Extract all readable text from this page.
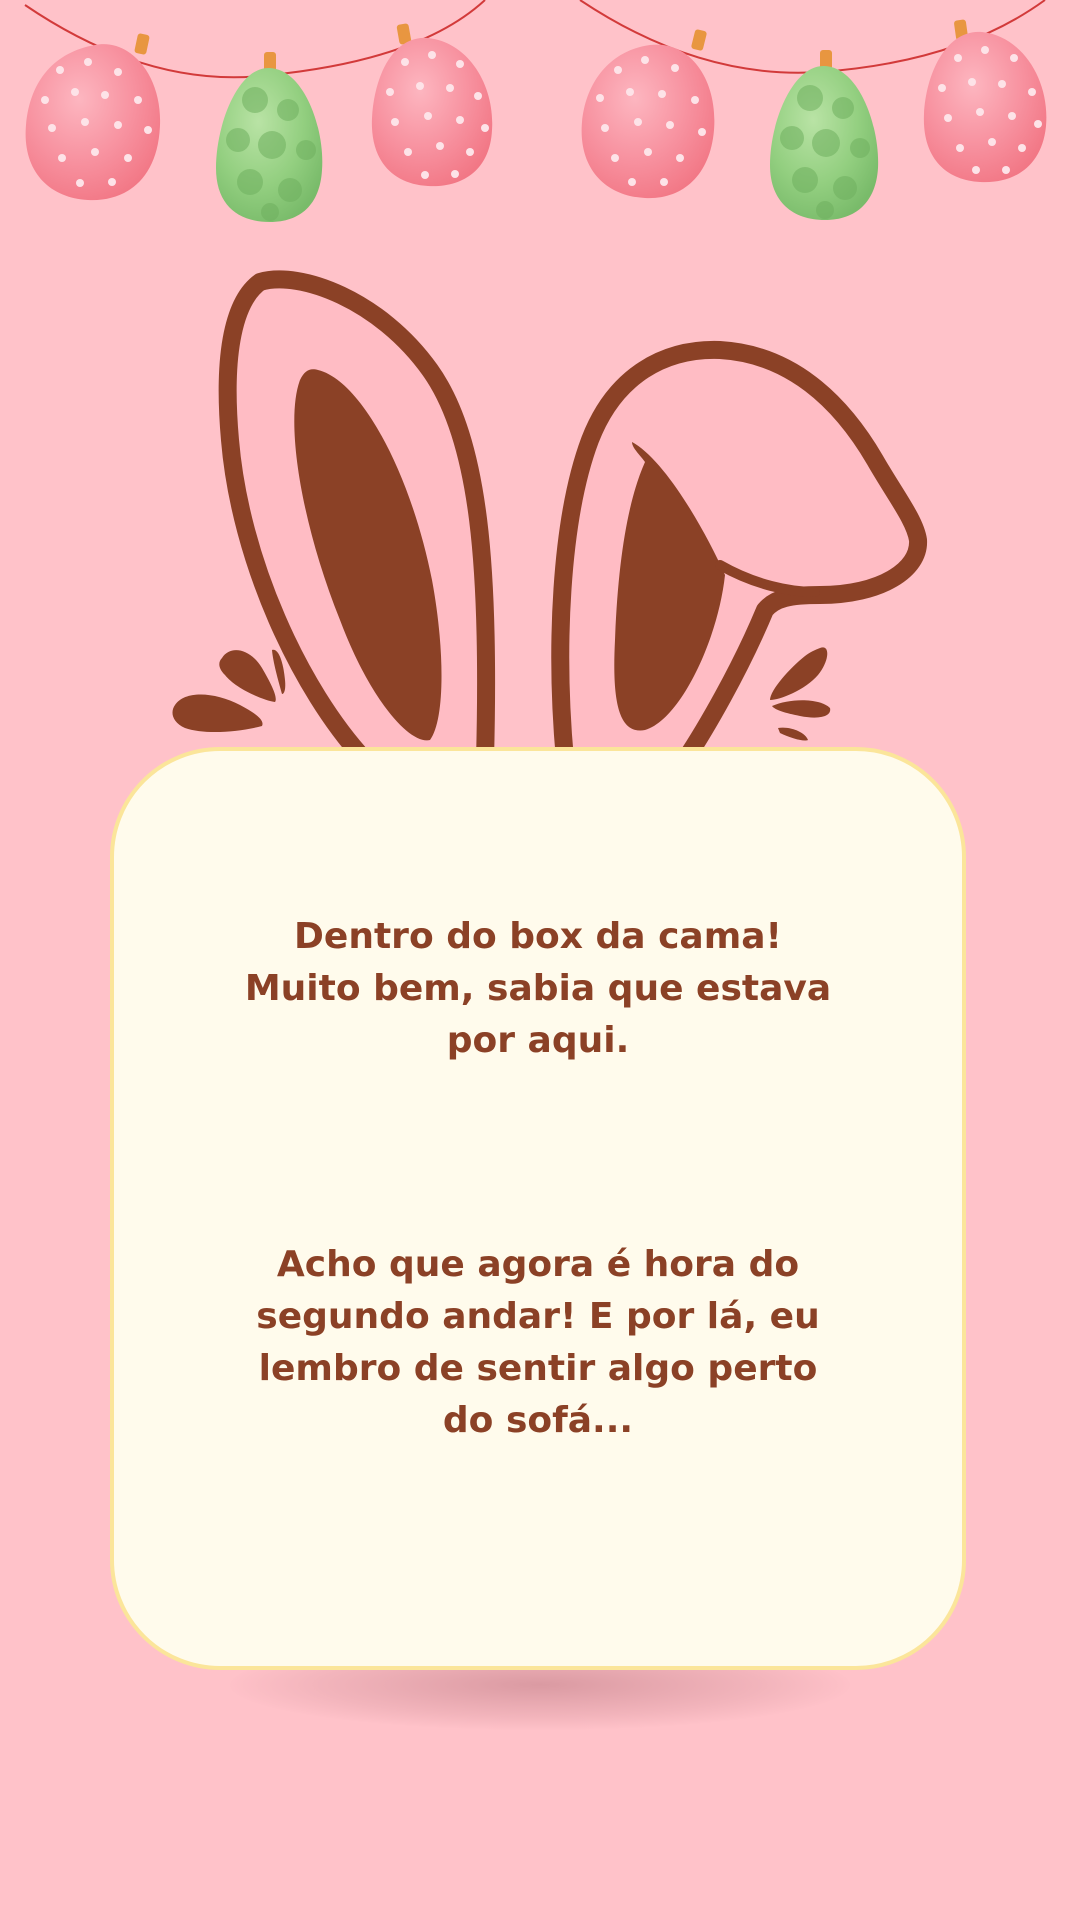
Dentro do box da cama! Muito bem, sabia que estava por aqui.
Acho que agora é hora do segundo andar! E por lá, eu lembro de sentir algo perto do sofá...
